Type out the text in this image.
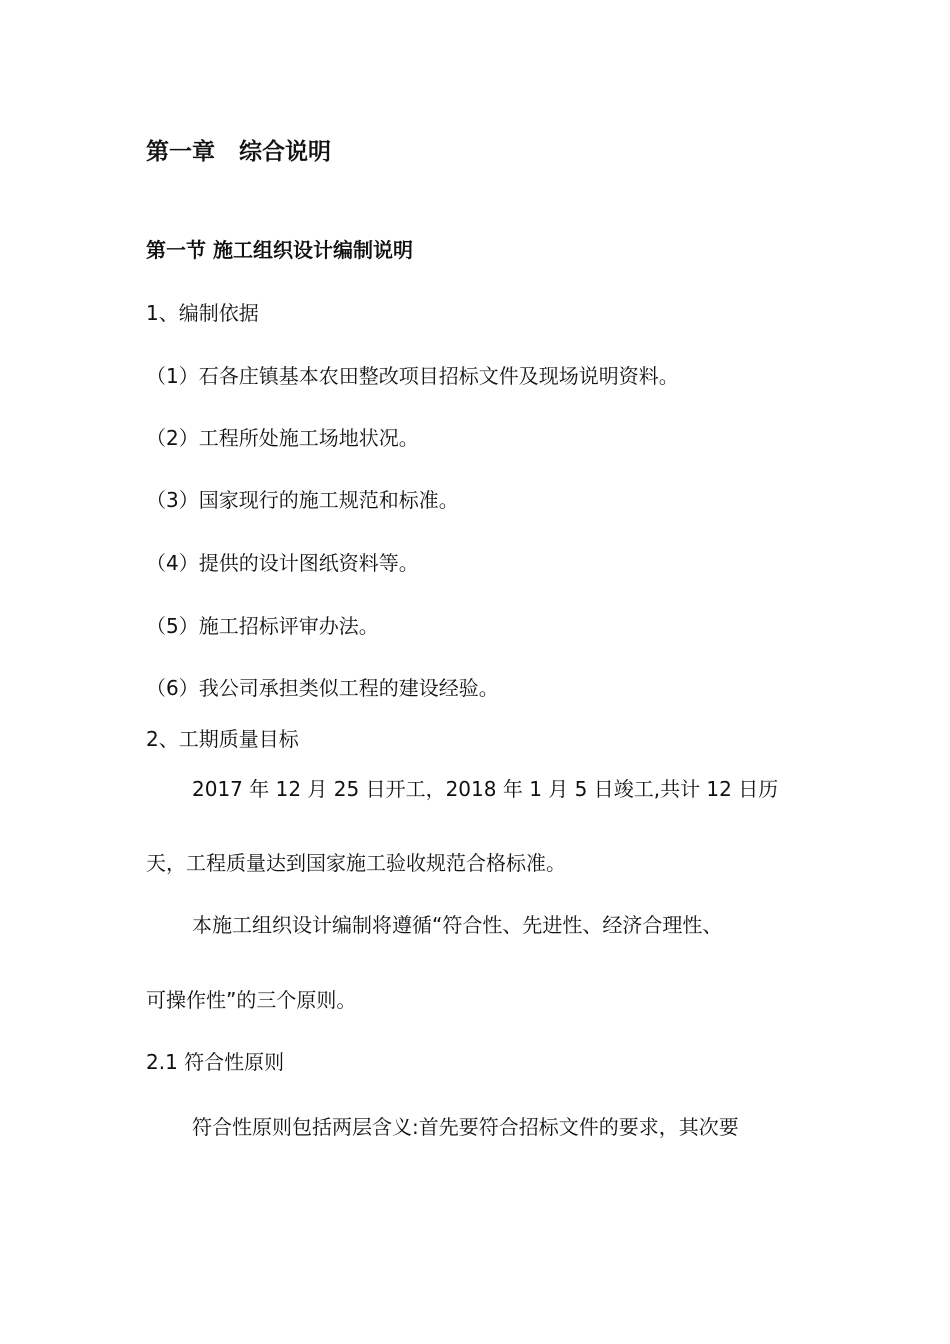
第一章 综合说明
第一节 施工组织设计编制说明
1、编制依据
（1）石各庄镇基本农田整改项目招标文件及现场说明资料。
（2）工程所处施工场地状况。
（3）国家现行的施工规范和标准。
（4）提供的设计图纸资料等。
（5）施工招标评审办法。
（6）我公司承担类似工程的建设经验。
2、工期质量目标
2017 年 12 月 25 日开工，2018 年 1 月 5 日竣工,共计 12 日历
天，工程质量达到国家施工验收规范合格标准。
本施工组织设计编制将遵循“符合性、先进性、经济合理性、
可操作性”的三个原则。
2.1 符合性原则
符合性原则包括两层含义:首先要符合招标文件的要求，其次要
